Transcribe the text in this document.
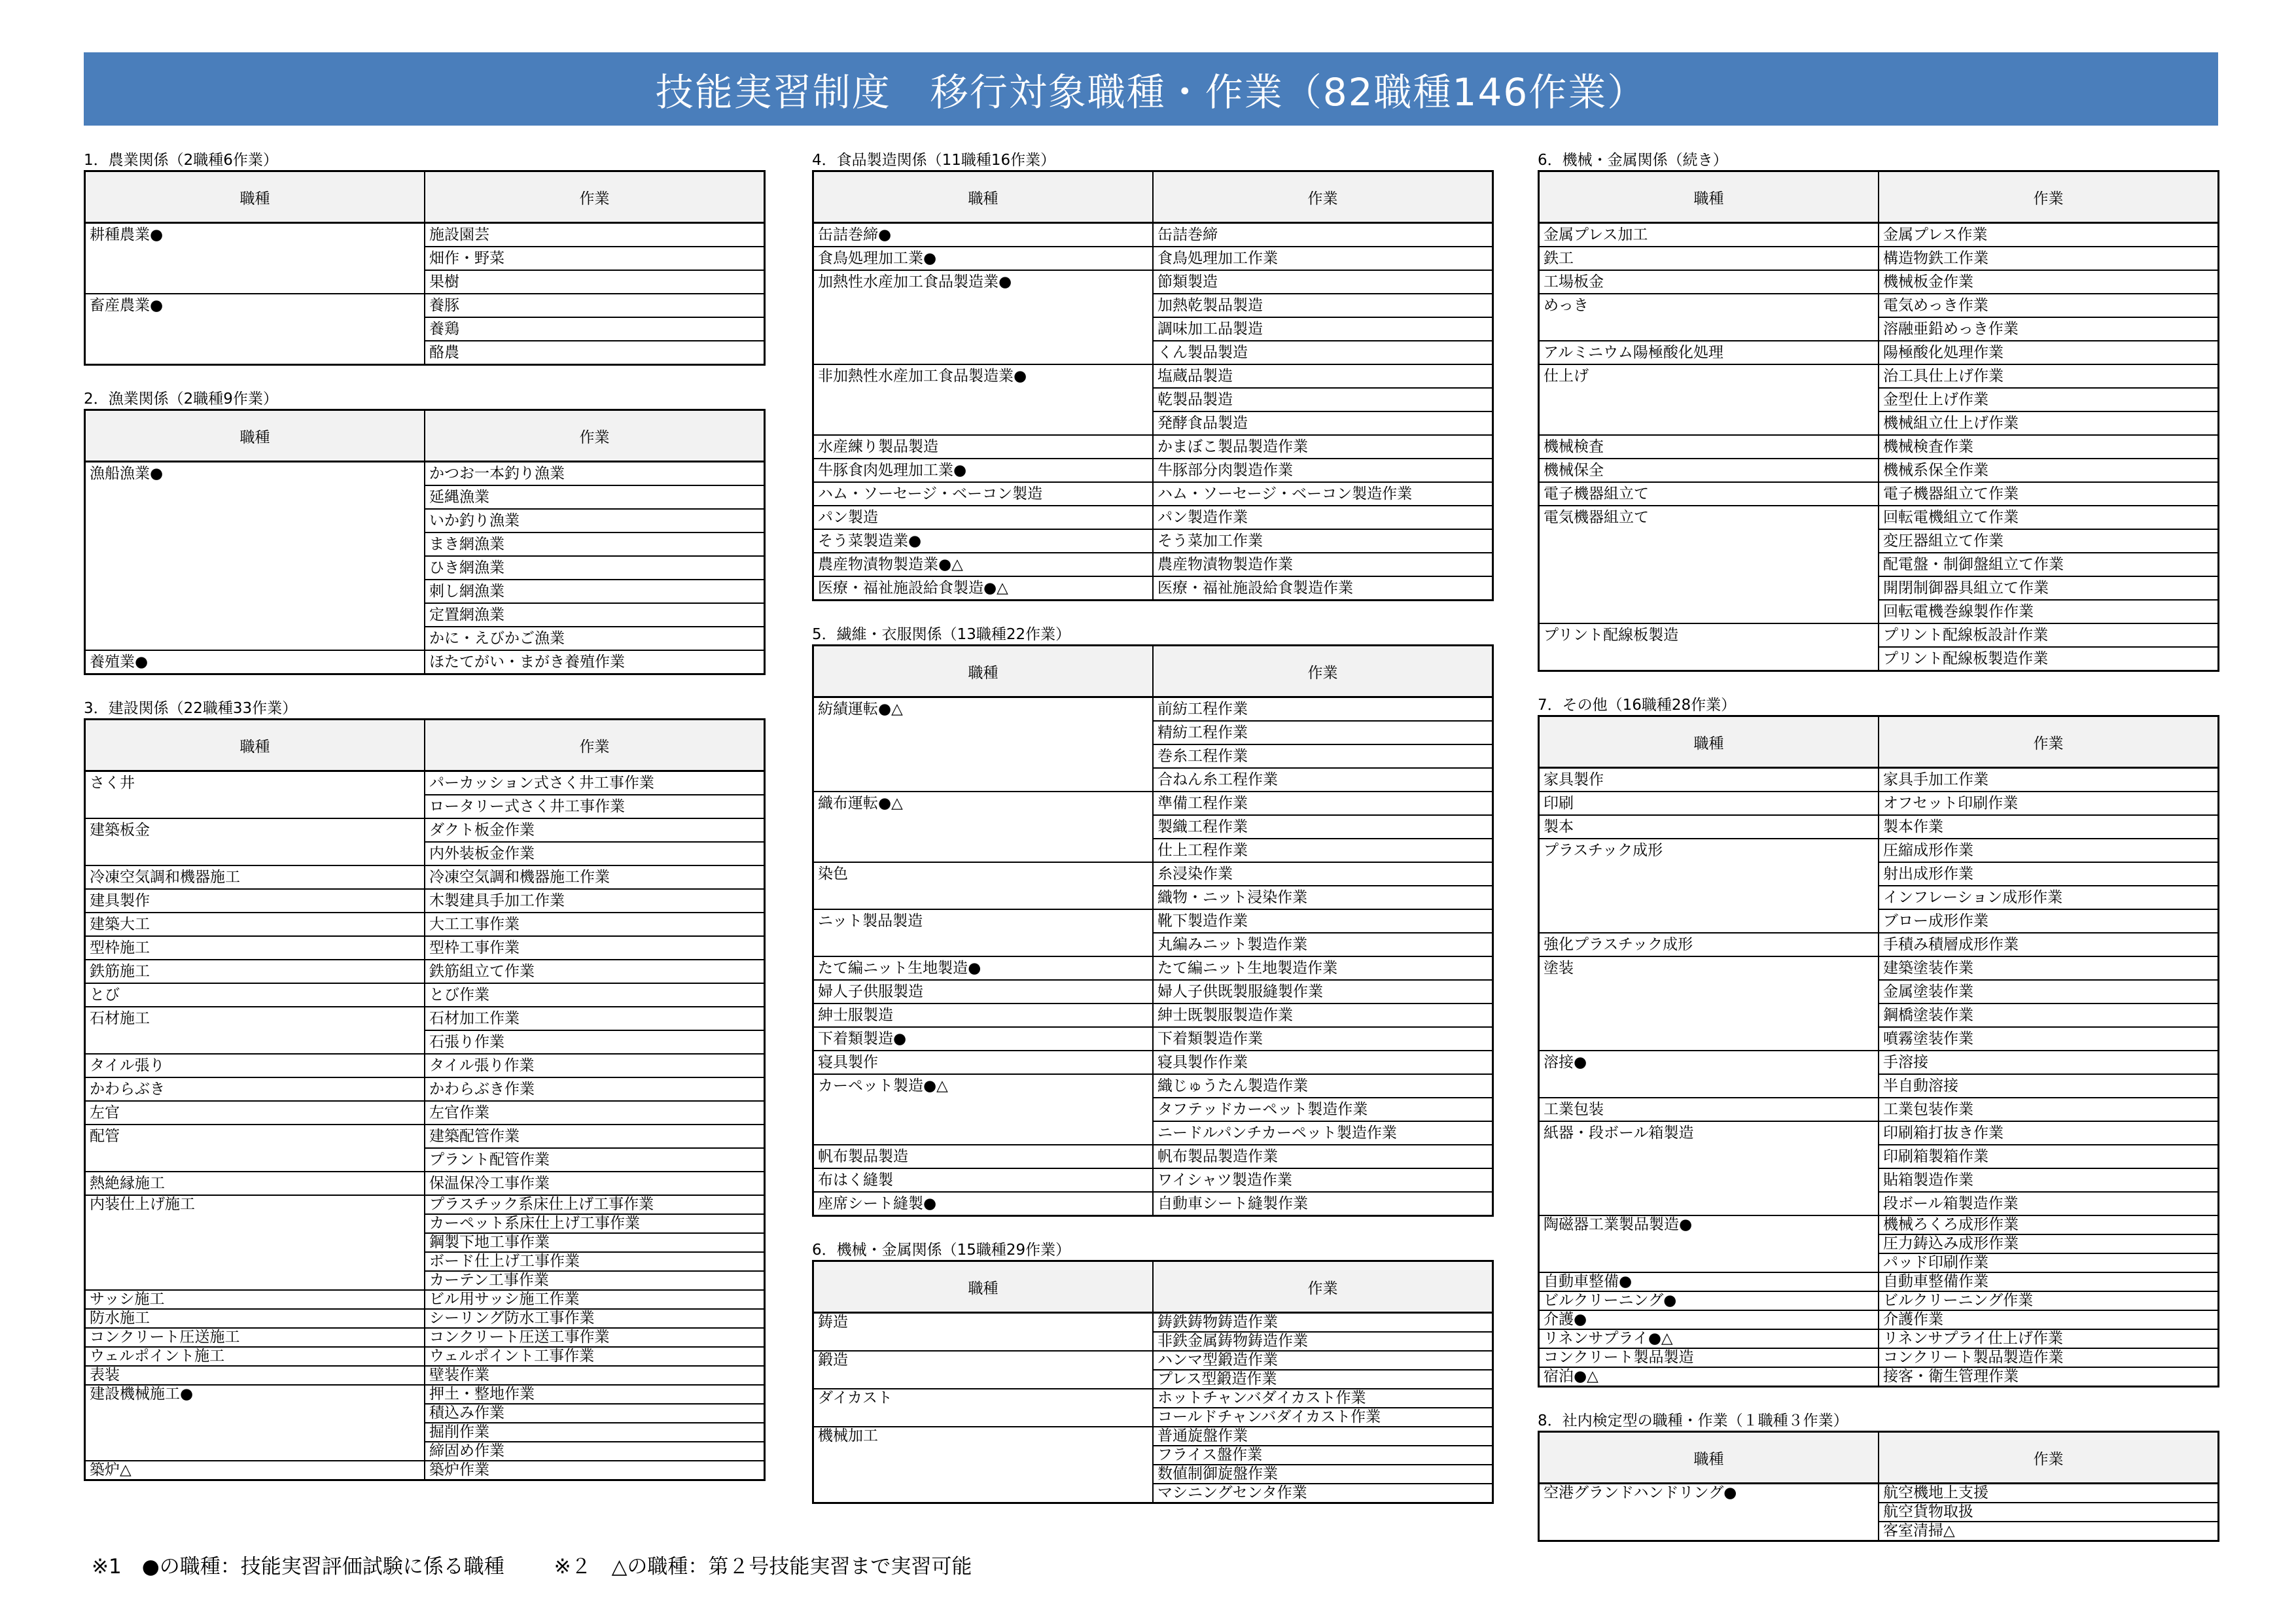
技能実習制度　移行対象職種・作業（82職種146作業）
1．農業関係（2職種6作業）
職種	作業
耕種農業●	施設園芸
	畑作・野菜
	果樹
畜産農業●	養豚
	養鶏
	酪農
2．漁業関係（2職種9作業）
職種	作業
漁船漁業●	かつお一本釣り漁業
	延縄漁業
	いか釣り漁業
	まき網漁業
	ひき網漁業
	刺し網漁業
	定置網漁業
	かに・えびかご漁業
養殖業●	ほたてがい・まがき養殖作業
3．建設関係（22職種33作業）
職種	作業
さく井	パーカッション式さく井工事作業
	ロータリー式さく井工事作業
建築板金	ダクト板金作業
	内外装板金作業
冷凍空気調和機器施工	冷凍空気調和機器施工作業
建具製作	木製建具手加工作業
建築大工	大工工事作業
型枠施工	型枠工事作業
鉄筋施工	鉄筋組立て作業
とび	とび作業
石材施工	石材加工作業
	石張り作業
タイル張り	タイル張り作業
かわらぶき	かわらぶき作業
左官	左官作業
配管	建築配管作業
	プラント配管作業
熱絶縁施工	保温保冷工事作業
内装仕上げ施工	プラスチック系床仕上げ工事作業
	カーペット系床仕上げ工事作業
	鋼製下地工事作業
	ボード仕上げ工事作業
	カーテン工事作業
サッシ施工	ビル用サッシ施工作業
防水施工	シーリング防水工事作業
コンクリート圧送施工	コンクリート圧送工事作業
ウェルポイント施工	ウェルポイント工事作業
表装	壁装作業
建設機械施工●	押土・整地作業
	積込み作業
	掘削作業
	締固め作業
築炉△	築炉作業
4．食品製造関係（11職種16作業）
職種	作業
缶詰巻締●	缶詰巻締
食鳥処理加工業●	食鳥処理加工作業
加熱性水産加工食品製造業●	節類製造
	加熱乾製品製造
	調味加工品製造
	くん製品製造
非加熱性水産加工食品製造業●	塩蔵品製造
	乾製品製造
	発酵食品製造
水産練り製品製造	かまぼこ製品製造作業
牛豚食肉処理加工業●	牛豚部分肉製造作業
ハム・ソーセージ・ベーコン製造	ハム・ソーセージ・ベーコン製造作業
パン製造	パン製造作業
そう菜製造業●	そう菜加工作業
農産物漬物製造業●△	農産物漬物製造作業
医療・福祉施設給食製造●△	医療・福祉施設給食製造作業
5．繊維・衣服関係（13職種22作業）
職種	作業
紡績運転●△	前紡工程作業
	精紡工程作業
	巻糸工程作業
	合ねん糸工程作業
織布運転●△	準備工程作業
	製織工程作業
	仕上工程作業
染色	糸浸染作業
	織物・ニット浸染作業
ニット製品製造	靴下製造作業
	丸編みニット製造作業
たて編ニット生地製造●	たて編ニット生地製造作業
婦人子供服製造	婦人子供既製服縫製作業
紳士服製造	紳士既製服製造作業
下着類製造●	下着類製造作業
寝具製作	寝具製作作業
カーペット製造●△	織じゅうたん製造作業
	タフテッドカーペット製造作業
	ニードルパンチカーペット製造作業
帆布製品製造	帆布製品製造作業
布はく縫製	ワイシャツ製造作業
座席シート縫製●	自動車シート縫製作業
6．機械・金属関係（15職種29作業）
職種	作業
鋳造	鋳鉄鋳物鋳造作業
	非鉄金属鋳物鋳造作業
鍛造	ハンマ型鍛造作業
	プレス型鍛造作業
ダイカスト	ホットチャンバダイカスト作業
	コールドチャンバダイカスト作業
機械加工	普通旋盤作業
	フライス盤作業
	数値制御旋盤作業
	マシニングセンタ作業
6．機械・金属関係（続き）
職種	作業
金属プレス加工	金属プレス作業
鉄工	構造物鉄工作業
工場板金	機械板金作業
めっき	電気めっき作業
	溶融亜鉛めっき作業
アルミニウム陽極酸化処理	陽極酸化処理作業
仕上げ	治工具仕上げ作業
	金型仕上げ作業
	機械組立仕上げ作業
機械検査	機械検査作業
機械保全	機械系保全作業
電子機器組立て	電子機器組立て作業
電気機器組立て	回転電機組立て作業
	変圧器組立て作業
	配電盤・制御盤組立て作業
	開閉制御器具組立て作業
	回転電機巻線製作作業
プリント配線板製造	プリント配線板設計作業
	プリント配線板製造作業
7．その他（16職種28作業）
職種	作業
家具製作	家具手加工作業
印刷	オフセット印刷作業
製本	製本作業
プラスチック成形	圧縮成形作業
	射出成形作業
	インフレーション成形作業
	ブロー成形作業
強化プラスチック成形	手積み積層成形作業
塗装	建築塗装作業
	金属塗装作業
	鋼橋塗装作業
	噴霧塗装作業
溶接●	手溶接
	半自動溶接
工業包装	工業包装作業
紙器・段ボール箱製造	印刷箱打抜き作業
	印刷箱製箱作業
	貼箱製造作業
	段ボール箱製造作業
陶磁器工業製品製造●	機械ろくろ成形作業
	圧力鋳込み成形作業
	パッド印刷作業
自動車整備●	自動車整備作業
ビルクリーニング●	ビルクリーニング作業
介護●	介護作業
リネンサプライ●△	リネンサプライ仕上げ作業
コンクリート製品製造	コンクリート製品製造作業
宿泊●△	接客・衛生管理作業
8．社内検定型の職種・作業（１職種３作業）
職種	作業
空港グランドハンドリング●	航空機地上支援
	航空貨物取扱
	客室清掃△
※1　●の職種：技能実習評価試験に係る職種 ※２　△の職種：第２号技能実習まで実習可能
